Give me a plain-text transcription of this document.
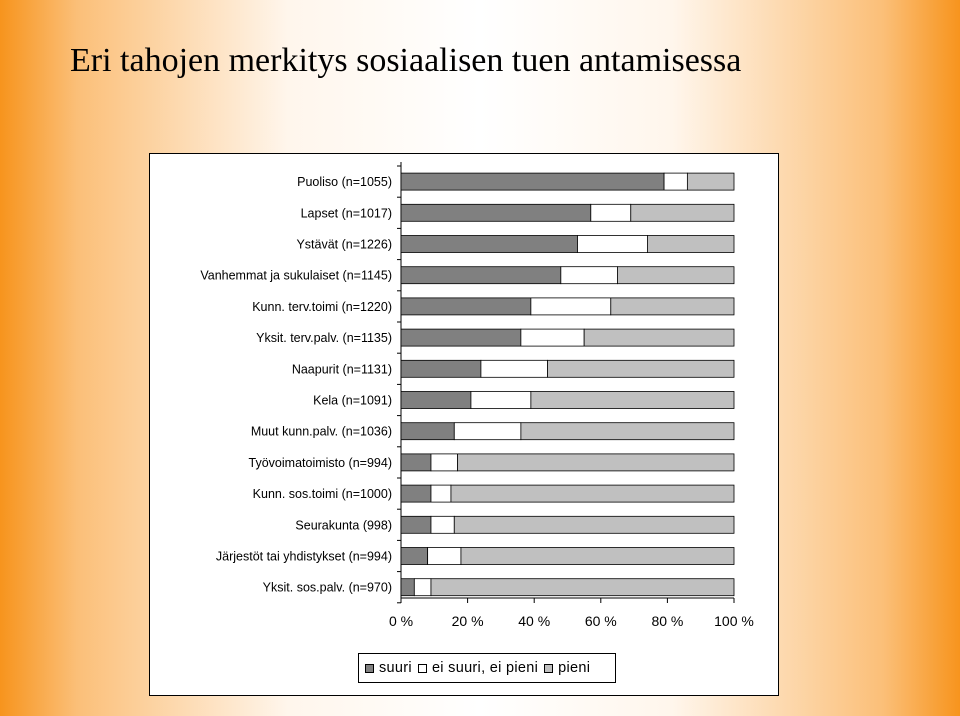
Eri tahojen merkitys sosiaalisen tuen antamisessa
Puoliso (n=1055)
Lapset (n=1017)
Ystävät (n=1226)
Vanhemmat ja sukulaiset (n=1145)
Kunn. terv.toimi (n=1220)
Yksit. terv.palv. (n=1135)
Naapurit (n=1131)
Kela (n=1091)
Muut kunn.palv. (n=1036)
Työvoimatoimisto (n=994)
Kunn. sos.toimi (n=1000)
Seurakunta (998)
Järjestöt tai yhdistykset (n=994)
Yksit. sos.palv. (n=970)
0 %	20 % 40 % 60 % 80 % 100 %
suuri ei suuri, ei pieni pieni
